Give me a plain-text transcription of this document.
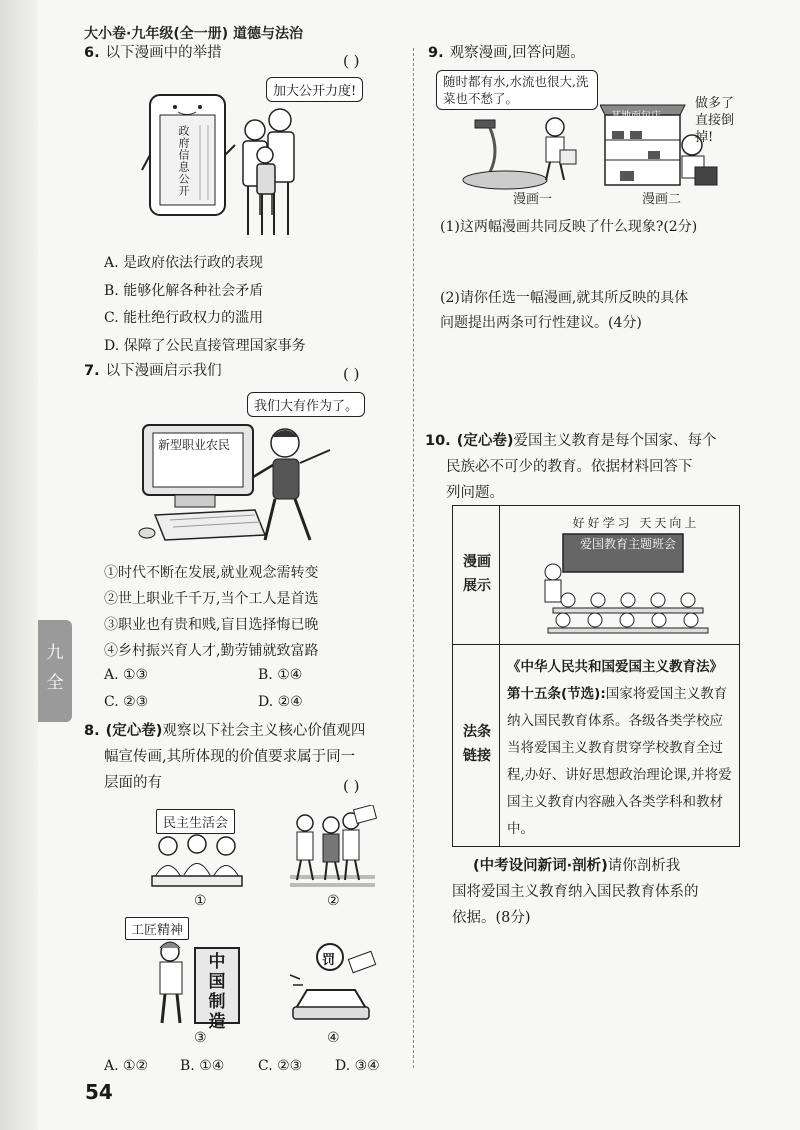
大小卷·九年级(全一册) 道德与法治
6. 以下漫画中的举措	( )
政府信息公开
加大公开力度!
A. 是政府依法行政的表现
B. 能够化解各种社会矛盾
C. 能杜绝行政权力的滥用
D. 保障了公民直接管理国家事务
7. 以下漫画启示我们	( )
我们大有作为了。
新型职业农民
①时代不断在发展,就业观念需转变
②世上职业千千万,当个工人是首选
③职业也有贵和贱,盲目选择悔已晚
④乡村振兴育人才,勤劳铺就致富路
A. ①③	B. ①④
C. ②③	D. ②④
九
全
8. (定心卷)观察以下社会主义核心价值观四
幅宣传画,其所体现的价值要求属于同一
层面的有	( )
民主生活会
①	②
工匠精神
中国制造
③
罚
④
A. ①② B. ①④ C. ②③ D. ③④
54
9. 观察漫画,回答问题。
随时都有水,水流也很大,洗菜也不愁了。
漫画一
某地面包店
做多了直接倒掉!
漫画二
(1)这两幅漫画共同反映了什么现象?(2分)
(2)请你任选一幅漫画,就其所反映的具体
问题提出两条可行性建议。(4分)
10. (定心卷)爱国主义教育是每个国家、每个
民族必不可少的教育。依据材料回答下
列问题。
漫画展示
好好学习 天天向上
爱国教育主题班会
法条链接
《中华人民共和国爱国主义教育法》第十五条(节选):国家将爱国主义教育纳入国民教育体系。各级各类学校应当将爱国主义教育贯穿学校教育全过程,办好、讲好思想政治理论课,并将爱国主义教育内容融入各类学科和教材中。
(中考设问新词·剖析)请你剖析我
国将爱国主义教育纳入国民教育体系的
依据。(8分)
